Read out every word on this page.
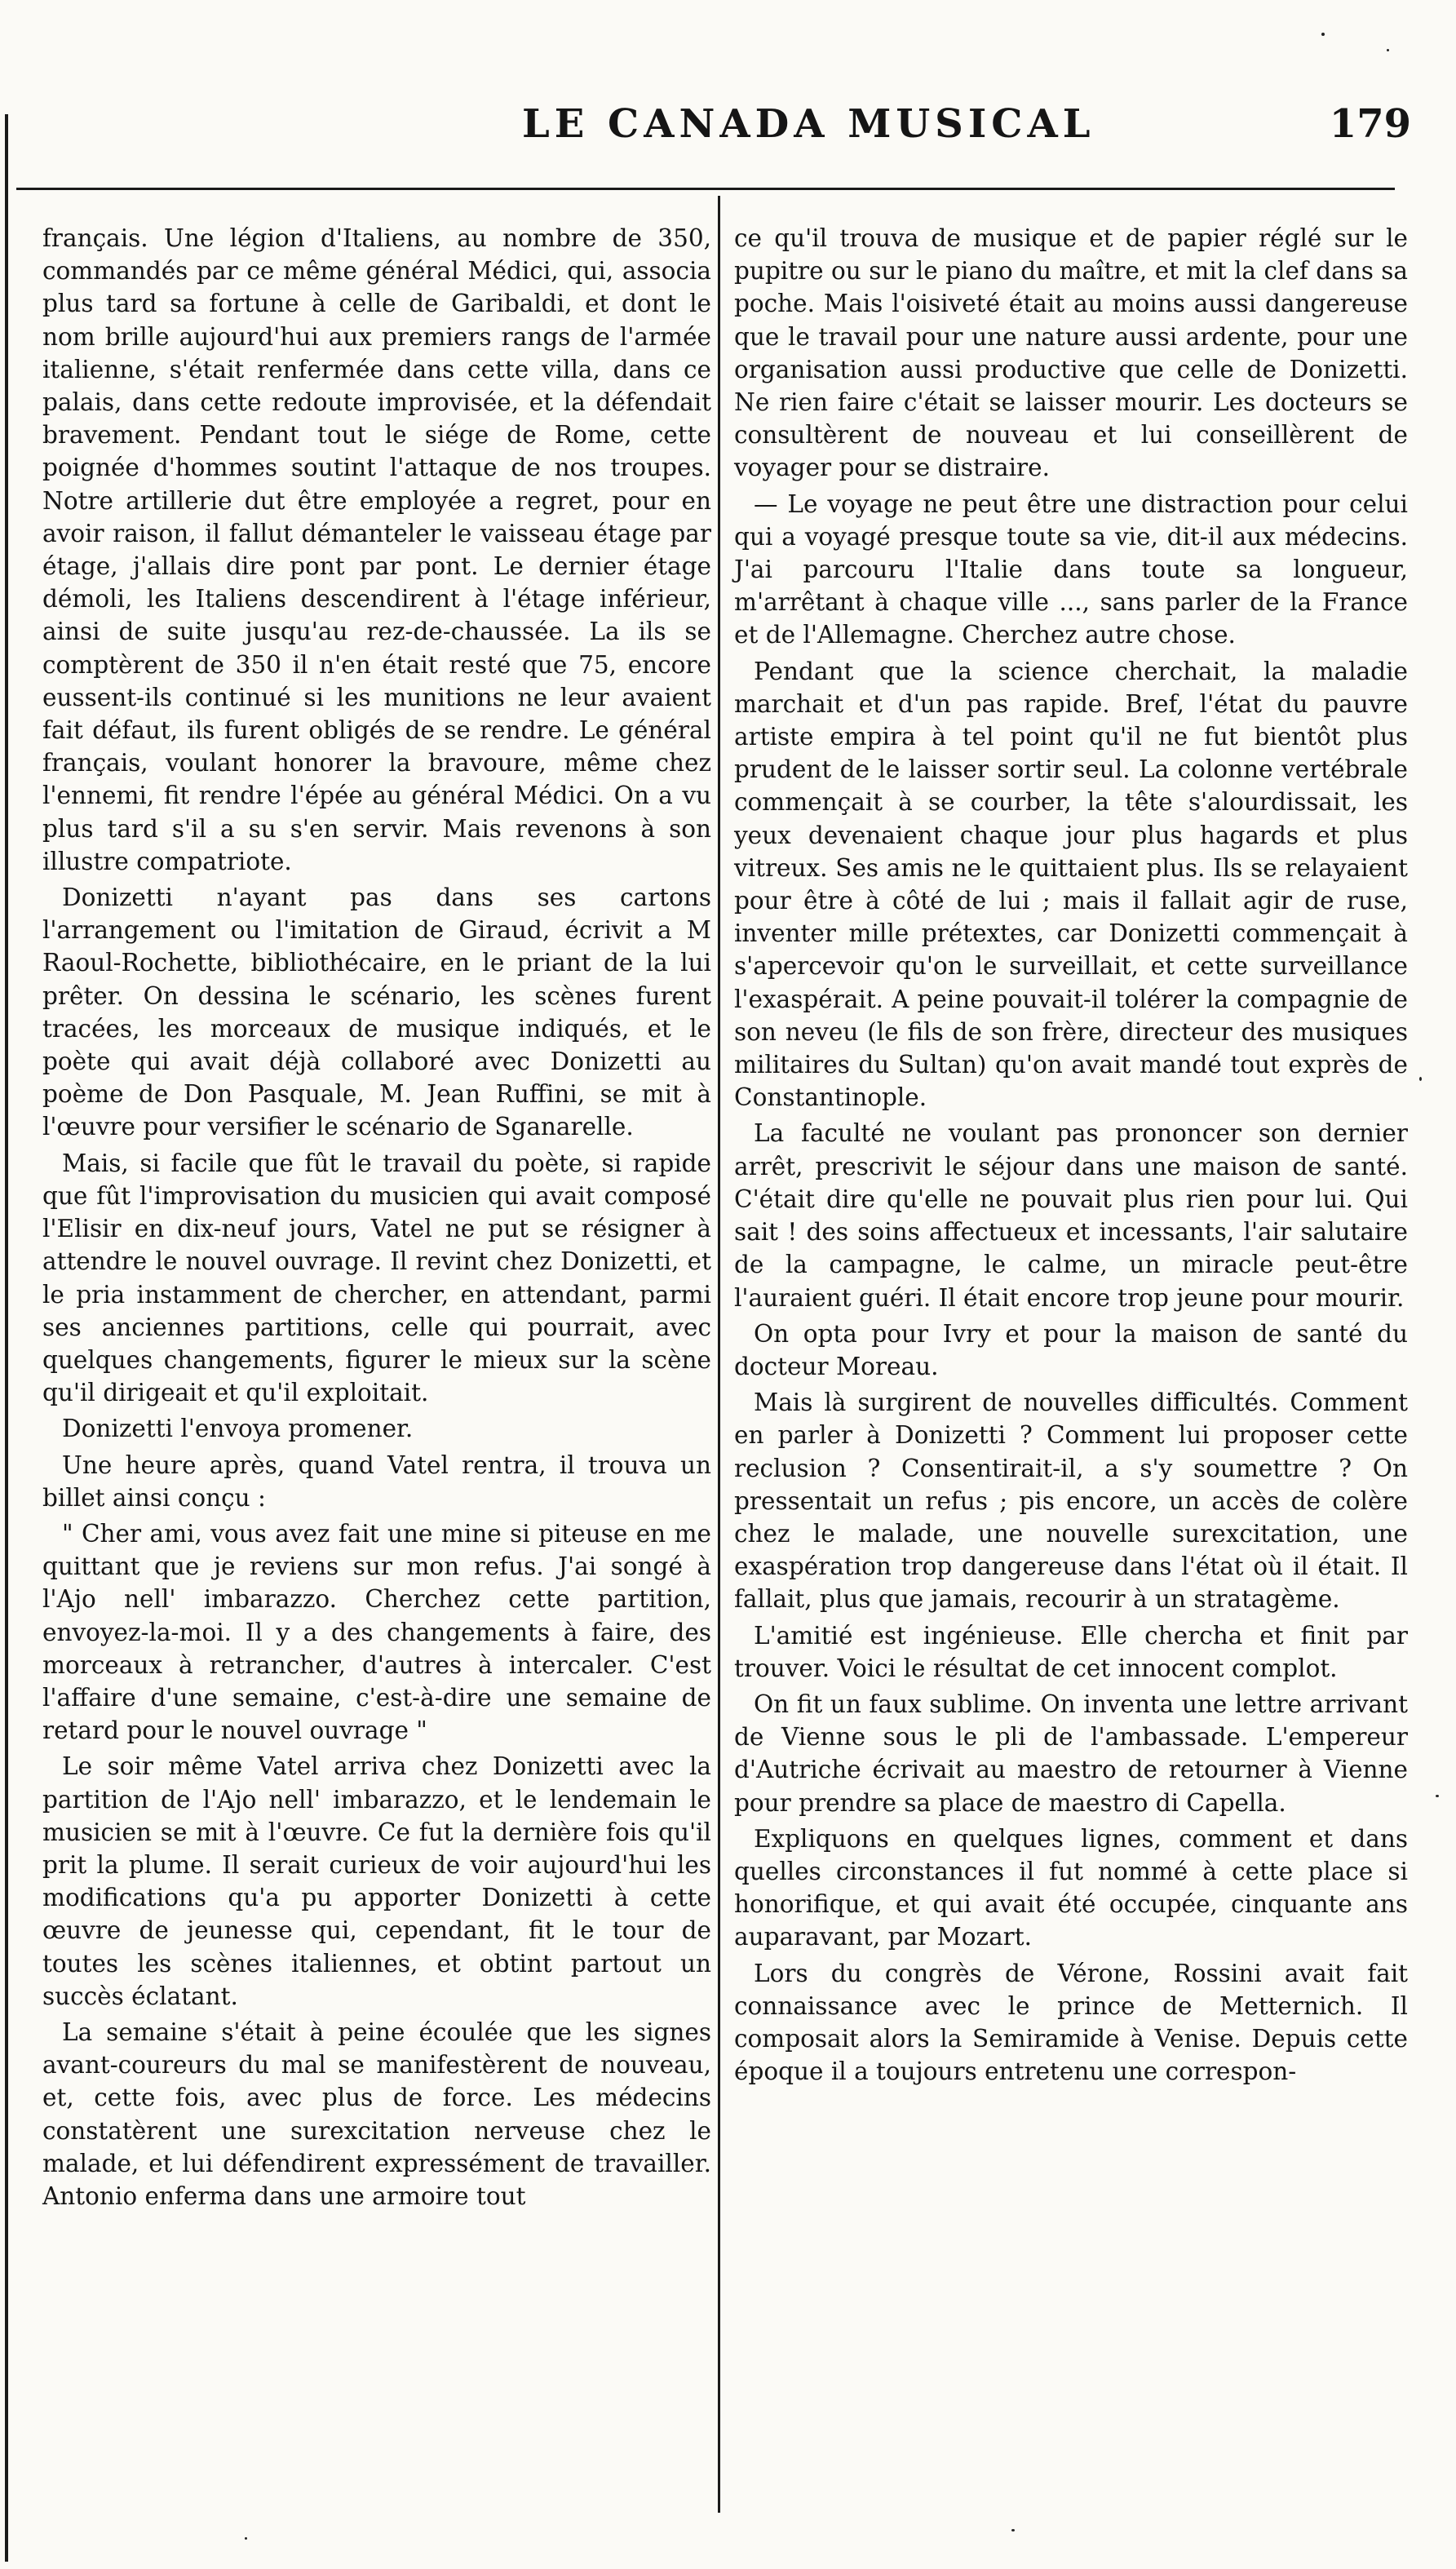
LE CANADA MUSICAL	179

français. Une légion d'Italiens, au nombre de 350, commandés par ce même général Médici, qui, associa plus tard sa fortune à celle de Garibaldi, et dont le nom brille aujourd'hui aux premiers rangs de l'armée italienne, s'était renfermée dans cette villa, dans ce palais, dans cette redoute improvisée, et la défendait bravement. Pendant tout le siége de Rome, cette poignée d'hommes soutint l'attaque de nos troupes. Notre artillerie dut être employée a regret, pour en avoir raison, il fallut démanteler le vaisseau étage par étage, j'allais dire pont par pont. Le dernier étage démoli, les Italiens descendirent à l'étage inférieur, ainsi de suite jusqu'au rez-de-chaussée. La ils se comptèrent de 350 il n'en était resté que 75, encore eussent-ils continué si les munitions ne leur avaient fait défaut, ils furent obligés de se rendre. Le général français, voulant honorer la bravoure, même chez l'ennemi, fit rendre l'épée au général Médici. On a vu plus tard s'il a su s'en servir. Mais revenons à son illustre compatriote.

Donizetti n'ayant pas dans ses cartons l'arrangement ou l'imitation de Giraud, écrivit a M Raoul-Rochette, bibliothécaire, en le priant de la lui prêter. On dessina le scénario, les scènes furent tracées, les morceaux de musique indiqués, et le poète qui avait déjà collaboré avec Donizetti au poème de Don Pasquale, M. Jean Ruffini, se mit à l'œuvre pour versifier le scénario de Sganarelle.

Mais, si facile que fût le travail du poète, si rapide que fût l'improvisation du musicien qui avait composé l'Elisir en dix-neuf jours, Vatel ne put se résigner à attendre le nouvel ouvrage. Il revint chez Donizetti, et le pria instamment de chercher, en attendant, parmi ses anciennes partitions, celle qui pourrait, avec quelques changements, figurer le mieux sur la scène qu'il dirigeait et qu'il exploitait.

Donizetti l'envoya promener.

Une heure après, quand Vatel rentra, il trouva un billet ainsi conçu :

" Cher ami, vous avez fait une mine si piteuse en me quittant que je reviens sur mon refus. J'ai songé à l'Ajo nell' imbarazzo. Cherchez cette partition, envoyez-la-moi. Il y a des changements à faire, des morceaux à retrancher, d'autres à intercaler. C'est l'affaire d'une semaine, c'est-à-dire une semaine de retard pour le nouvel ouvrage "

Le soir même Vatel arriva chez Donizetti avec la partition de l'Ajo nell' imbarazzo, et le lendemain le musicien se mit à l'œuvre. Ce fut la dernière fois qu'il prit la plume. Il serait curieux de voir aujourd'hui les modifications qu'a pu apporter Donizetti à cette œuvre de jeunesse qui, cependant, fit le tour de toutes les scènes italiennes, et obtint partout un succès éclatant.

La semaine s'était à peine écoulée que les signes avant-coureurs du mal se manifestèrent de nouveau, et, cette fois, avec plus de force. Les médecins constatèrent une surexcitation nerveuse chez le malade, et lui défendirent expressément de travailler. Antonio enferma dans une armoire tout

ce qu'il trouva de musique et de papier réglé sur le pupitre ou sur le piano du maître, et mit la clef dans sa poche. Mais l'oisiveté était au moins aussi dangereuse que le travail pour une nature aussi ardente, pour une organisation aussi productive que celle de Donizetti. Ne rien faire c'était se laisser mourir. Les docteurs se consultèrent de nouveau et lui conseillèrent de voyager pour se distraire.

— Le voyage ne peut être une distraction pour celui qui a voyagé presque toute sa vie, dit-il aux médecins. J'ai parcouru l'Italie dans toute sa longueur, m'arrêtant à chaque ville ..., sans parler de la France et de l'Allemagne. Cherchez autre chose.

Pendant que la science cherchait, la maladie marchait et d'un pas rapide. Bref, l'état du pauvre artiste empira à tel point qu'il ne fut bientôt plus prudent de le laisser sortir seul. La colonne vertébrale commençait à se courber, la tête s'alourdissait, les yeux devenaient chaque jour plus hagards et plus vitreux. Ses amis ne le quittaient plus. Ils se relayaient pour être à côté de lui ; mais il fallait agir de ruse, inventer mille prétextes, car Donizetti commençait à s'apercevoir qu'on le surveillait, et cette surveillance l'exaspérait. A peine pouvait-il tolérer la compagnie de son neveu (le fils de son frère, directeur des musiques militaires du Sultan) qu'on avait mandé tout exprès de Constantinople.

La faculté ne voulant pas prononcer son dernier arrêt, prescrivit le séjour dans une maison de santé. C'était dire qu'elle ne pouvait plus rien pour lui. Qui sait ! des soins affectueux et incessants, l'air salutaire de la campagne, le calme, un miracle peut-être l'auraient guéri. Il était encore trop jeune pour mourir.

On opta pour Ivry et pour la maison de santé du docteur Moreau.

Mais là surgirent de nouvelles difficultés. Comment en parler à Donizetti ? Comment lui proposer cette reclusion ? Consentirait-il, a s'y soumettre ? On pressentait un refus ; pis encore, un accès de colère chez le malade, une nouvelle surexcitation, une exaspération trop dangereuse dans l'état où il était. Il fallait, plus que jamais, recourir à un stratagème.

L'amitié est ingénieuse. Elle chercha et finit par trouver. Voici le résultat de cet innocent complot.

On fit un faux sublime. On inventa une lettre arrivant de Vienne sous le pli de l'ambassade. L'empereur d'Autriche écrivait au maestro de retourner à Vienne pour prendre sa place de maestro di Capella.

Expliquons en quelques lignes, comment et dans quelles circonstances il fut nommé à cette place si honorifique, et qui avait été occupée, cinquante ans auparavant, par Mozart.

Lors du congrès de Vérone, Rossini avait fait connaissance avec le prince de Metternich. Il composait alors la Semiramide à Venise. Depuis cette époque il a toujours entretenu une correspon-
